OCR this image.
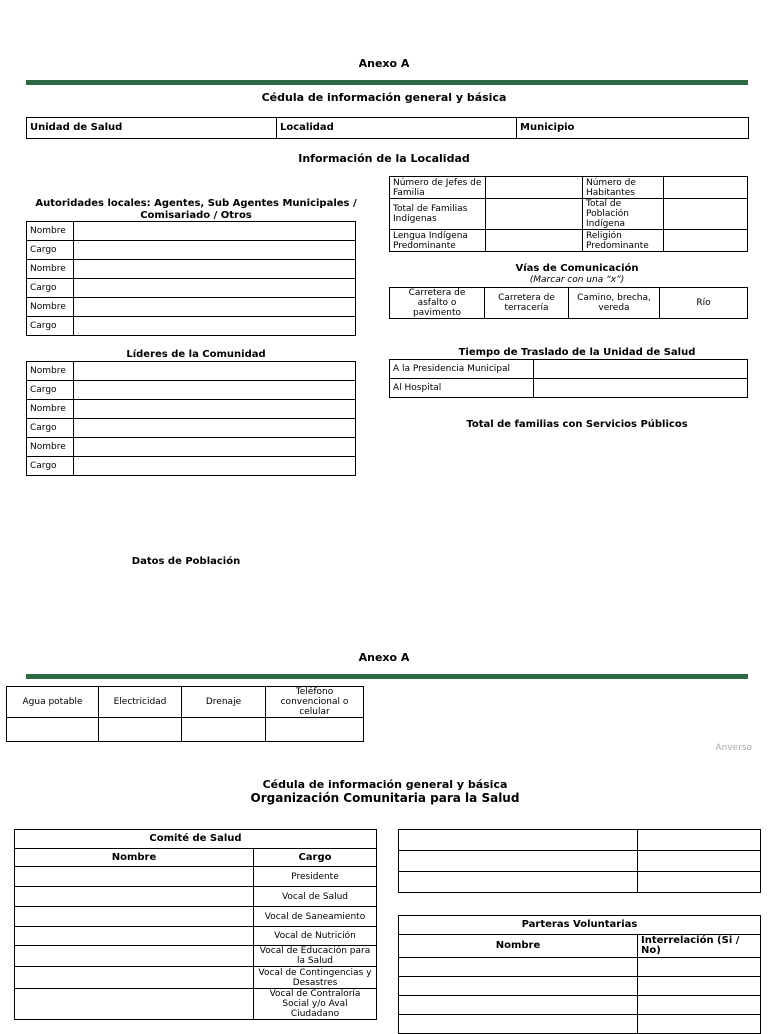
Anexo A
Cédula de información general y básica
Unidad de Salud	Localidad	Municipio
Información de la Localidad
Autoridades locales: Agentes, Sub Agentes Municipales / Comisariado / Otros
Nombre	
Cargo	
Nombre	
Cargo	
Nombre	
Cargo	
Líderes de la Comunidad
Nombre	
Cargo	
Nombre	
Cargo	
Nombre	
Cargo	
Número de Jefes de Familia		Número de Habitantes	
Total de Familias Indígenas		Total de Población Indígena	
Lengua Indígena Predominante		Religión Predominante	
Vías de Comunicación
(Marcar con una “x”)
Carretera de asfalto o pavimento	Carretera de terracería	Camino, brecha, vereda	Río
Tiempo de Traslado de la Unidad de Salud
A la Presidencia Municipal	
Al Hospital	
Total de familias con Servicios Públicos
Datos de Población
Anexo A
Agua potable	Electricidad	Drenaje	Teléfono convencional o celular

Anverso
Cédula de información general y básica
Organización Comunitaria para la Salud
Comité de Salud	
Nombre	Cargo
	Presidente
	Vocal de Salud
	Vocal de Saneamiento
	Vocal de Nutrición
	Vocal de Educación para la Salud
	Vocal de Contingencias y Desastres
	Vocal de Contraloría Social y/o Aval Ciudadano

Parteras Voluntarias	
Nombre	Interrelación (Si / No)
